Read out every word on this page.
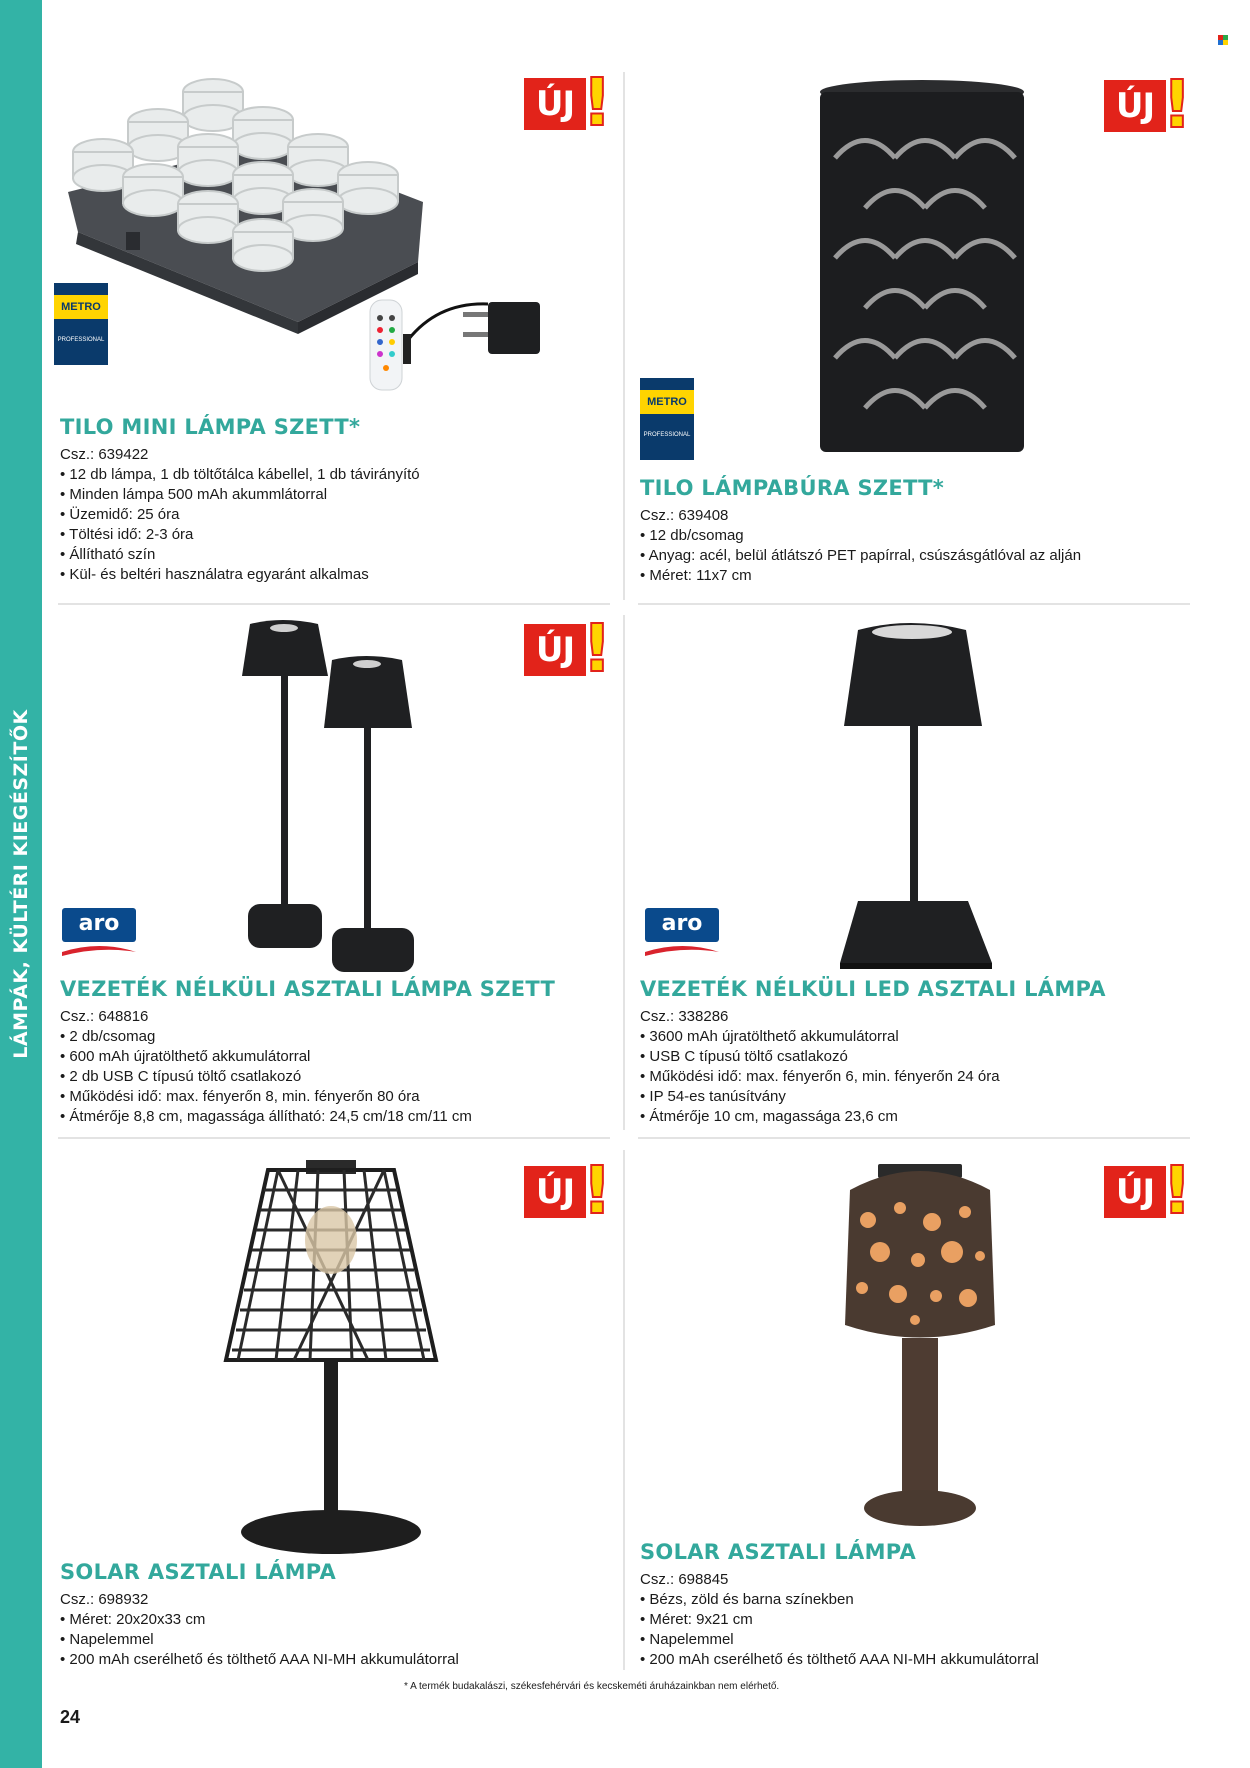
LÁMPÁK, KÜLTÉRI KIEGÉSZÍTŐK
METRO
PROFESSIONAL
ÚJ !
TILO MINI LÁMPA SZETT*
Csz.: 639422
• 12 db lámpa, 1 db töltőtálca kábellel, 1 db távirányító
• Minden lámpa 500 mAh akummlátorral
• Üzemidő: 25 óra
• Töltési idő: 2-3 óra
• Állítható szín
• Kül- és beltéri használatra egyaránt alkalmas
METRO
PROFESSIONAL
ÚJ !
TILO LÁMPABÚRA SZETT*
Csz.: 639408
• 12 db/csomag
• Anyag: acél, belül átlátszó PET papírral, csúszásgátlóval az alján
• Méret: 11x7 cm
aro
ÚJ !
VEZETÉK NÉLKÜLI ASZTALI LÁMPA SZETT
Csz.: 648816
• 2 db/csomag
• 600 mAh újratölthető akkumulátorral
• 2 db USB C típusú töltő csatlakozó
• Működési idő: max. fényerőn 8, min. fényerőn 80 óra
• Átmérője 8,8 cm, magassága állítható: 24,5 cm/18 cm/11 cm
aro
VEZETÉK NÉLKÜLI LED ASZTALI LÁMPA
Csz.: 338286
• 3600 mAh újratölthető akkumulátorral
• USB C típusú töltő csatlakozó
• Működési idő: max. fényerőn 6, min. fényerőn 24 óra
• IP 54-es tanúsítvány
• Átmérője 10 cm, magassága 23,6 cm
ÚJ !
SOLAR ASZTALI LÁMPA
Csz.: 698932
• Méret: 20x20x33 cm
• Napelemmel
• 200 mAh cserélhető és tölthető AAA NI-MH akkumulátorral
ÚJ !
SOLAR ASZTALI LÁMPA
Csz.: 698845
• Bézs, zöld és barna színekben
• Méret: 9x21 cm
• Napelemmel
• 200 mAh cserélhető és tölthető AAA NI-MH akkumulátorral
* A termék budakalászi, székesfehérvári és kecskeméti áruházainkban nem elérhető.
24
